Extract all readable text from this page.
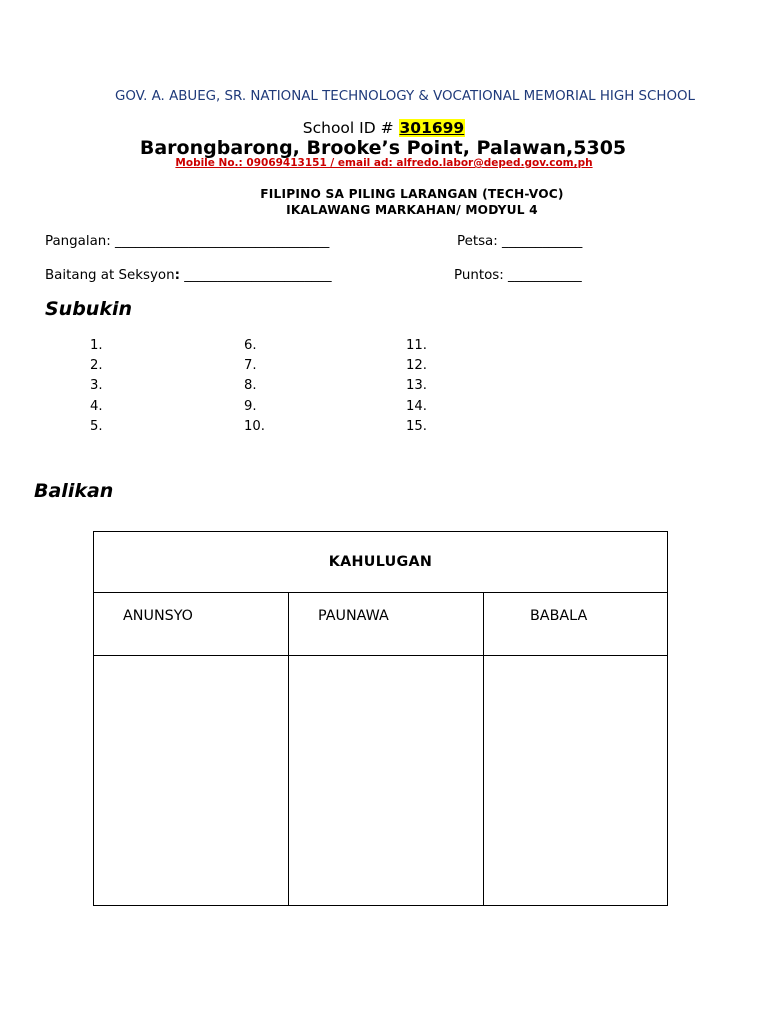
GOV. A. ABUEG, SR. NATIONAL TECHNOLOGY & VOCATIONAL MEMORIAL HIGH SCHOOL
School ID # 301699
Barongbarong, Brooke’s Point, Palawan,5305
Mobile No.: 09069413151 / email ad: alfredo.labor@deped.gov.com,ph
FILIPINO SA PILING LARANGAN (TECH-VOC)
IKALAWANG MARKAHAN/ MODYUL 4
Pangalan: ________________________________	Petsa: ____________
Baitang at Seksyon: ______________________	Puntos: ___________
Subukin
1.
2.
3.
4.
5.
6.
7.
8.
9.
10.
11.
12.
13.
14.
15.
Balikan
KAHULUGAN		

ANUNSYO	PAUNAWA	BABALA
